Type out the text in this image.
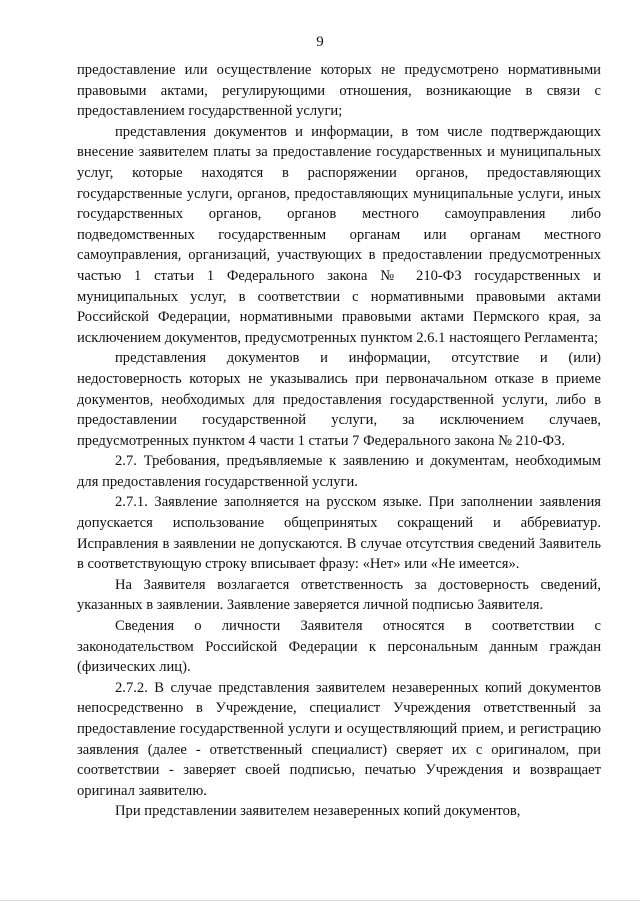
9

предоставление или осуществление которых не предусмотрено нормативными правовыми актами, регулирующими отношения, возникающие в связи с предоставлением государственной услуги;

представления документов и информации, в том числе подтверждающих внесение заявителем платы за предоставление государственных и муниципальных услуг, которые находятся в распоряжении органов, предоставляющих государственные услуги, органов, предоставляющих муниципальные услуги, иных государственных органов, органов местного самоуправления либо подведомственных государственным органам или органам местного самоуправления, организаций, участвующих в предоставлении предусмотренных частью 1 статьи 1 Федерального закона № 210-ФЗ государственных и муниципальных услуг, в соответствии с нормативными правовыми актами Российской Федерации, нормативными правовыми актами Пермского края, за исключением документов, предусмотренных пунктом 2.6.1 настоящего Регламента;

представления документов и информации, отсутствие и (или) недостоверность которых не указывались при первоначальном отказе в приеме документов, необходимых для предоставления государственной услуги, либо в предоставлении государственной услуги, за исключением случаев, предусмотренных пунктом 4 части 1 статьи 7 Федерального закона № 210-ФЗ.

2.7. Требования, предъявляемые к заявлению и документам, необходимым для предоставления государственной услуги.

2.7.1. Заявление заполняется на русском языке. При заполнении заявления допускается использование общепринятых сокращений и аббревиатур. Исправления в заявлении не допускаются. В случае отсутствия сведений Заявитель в соответствующую строку вписывает фразу: «Нет» или «Не имеется».

На Заявителя возлагается ответственность за достоверность сведений, указанных в заявлении. Заявление заверяется личной подписью Заявителя.

Сведения о личности Заявителя относятся в соответствии с законодательством Российской Федерации к персональным данным граждан (физических лиц).

2.7.2. В случае представления заявителем незаверенных копий документов непосредственно в Учреждение, специалист Учреждения ответственный за предоставление государственной услуги и осуществляющий прием, и регистрацию заявления (далее - ответственный специалист) сверяет их с оригиналом, при соответствии - заверяет своей подписью, печатью Учреждения и возвращает оригинал заявителю.

При представлении заявителем незаверенных копий документов,
